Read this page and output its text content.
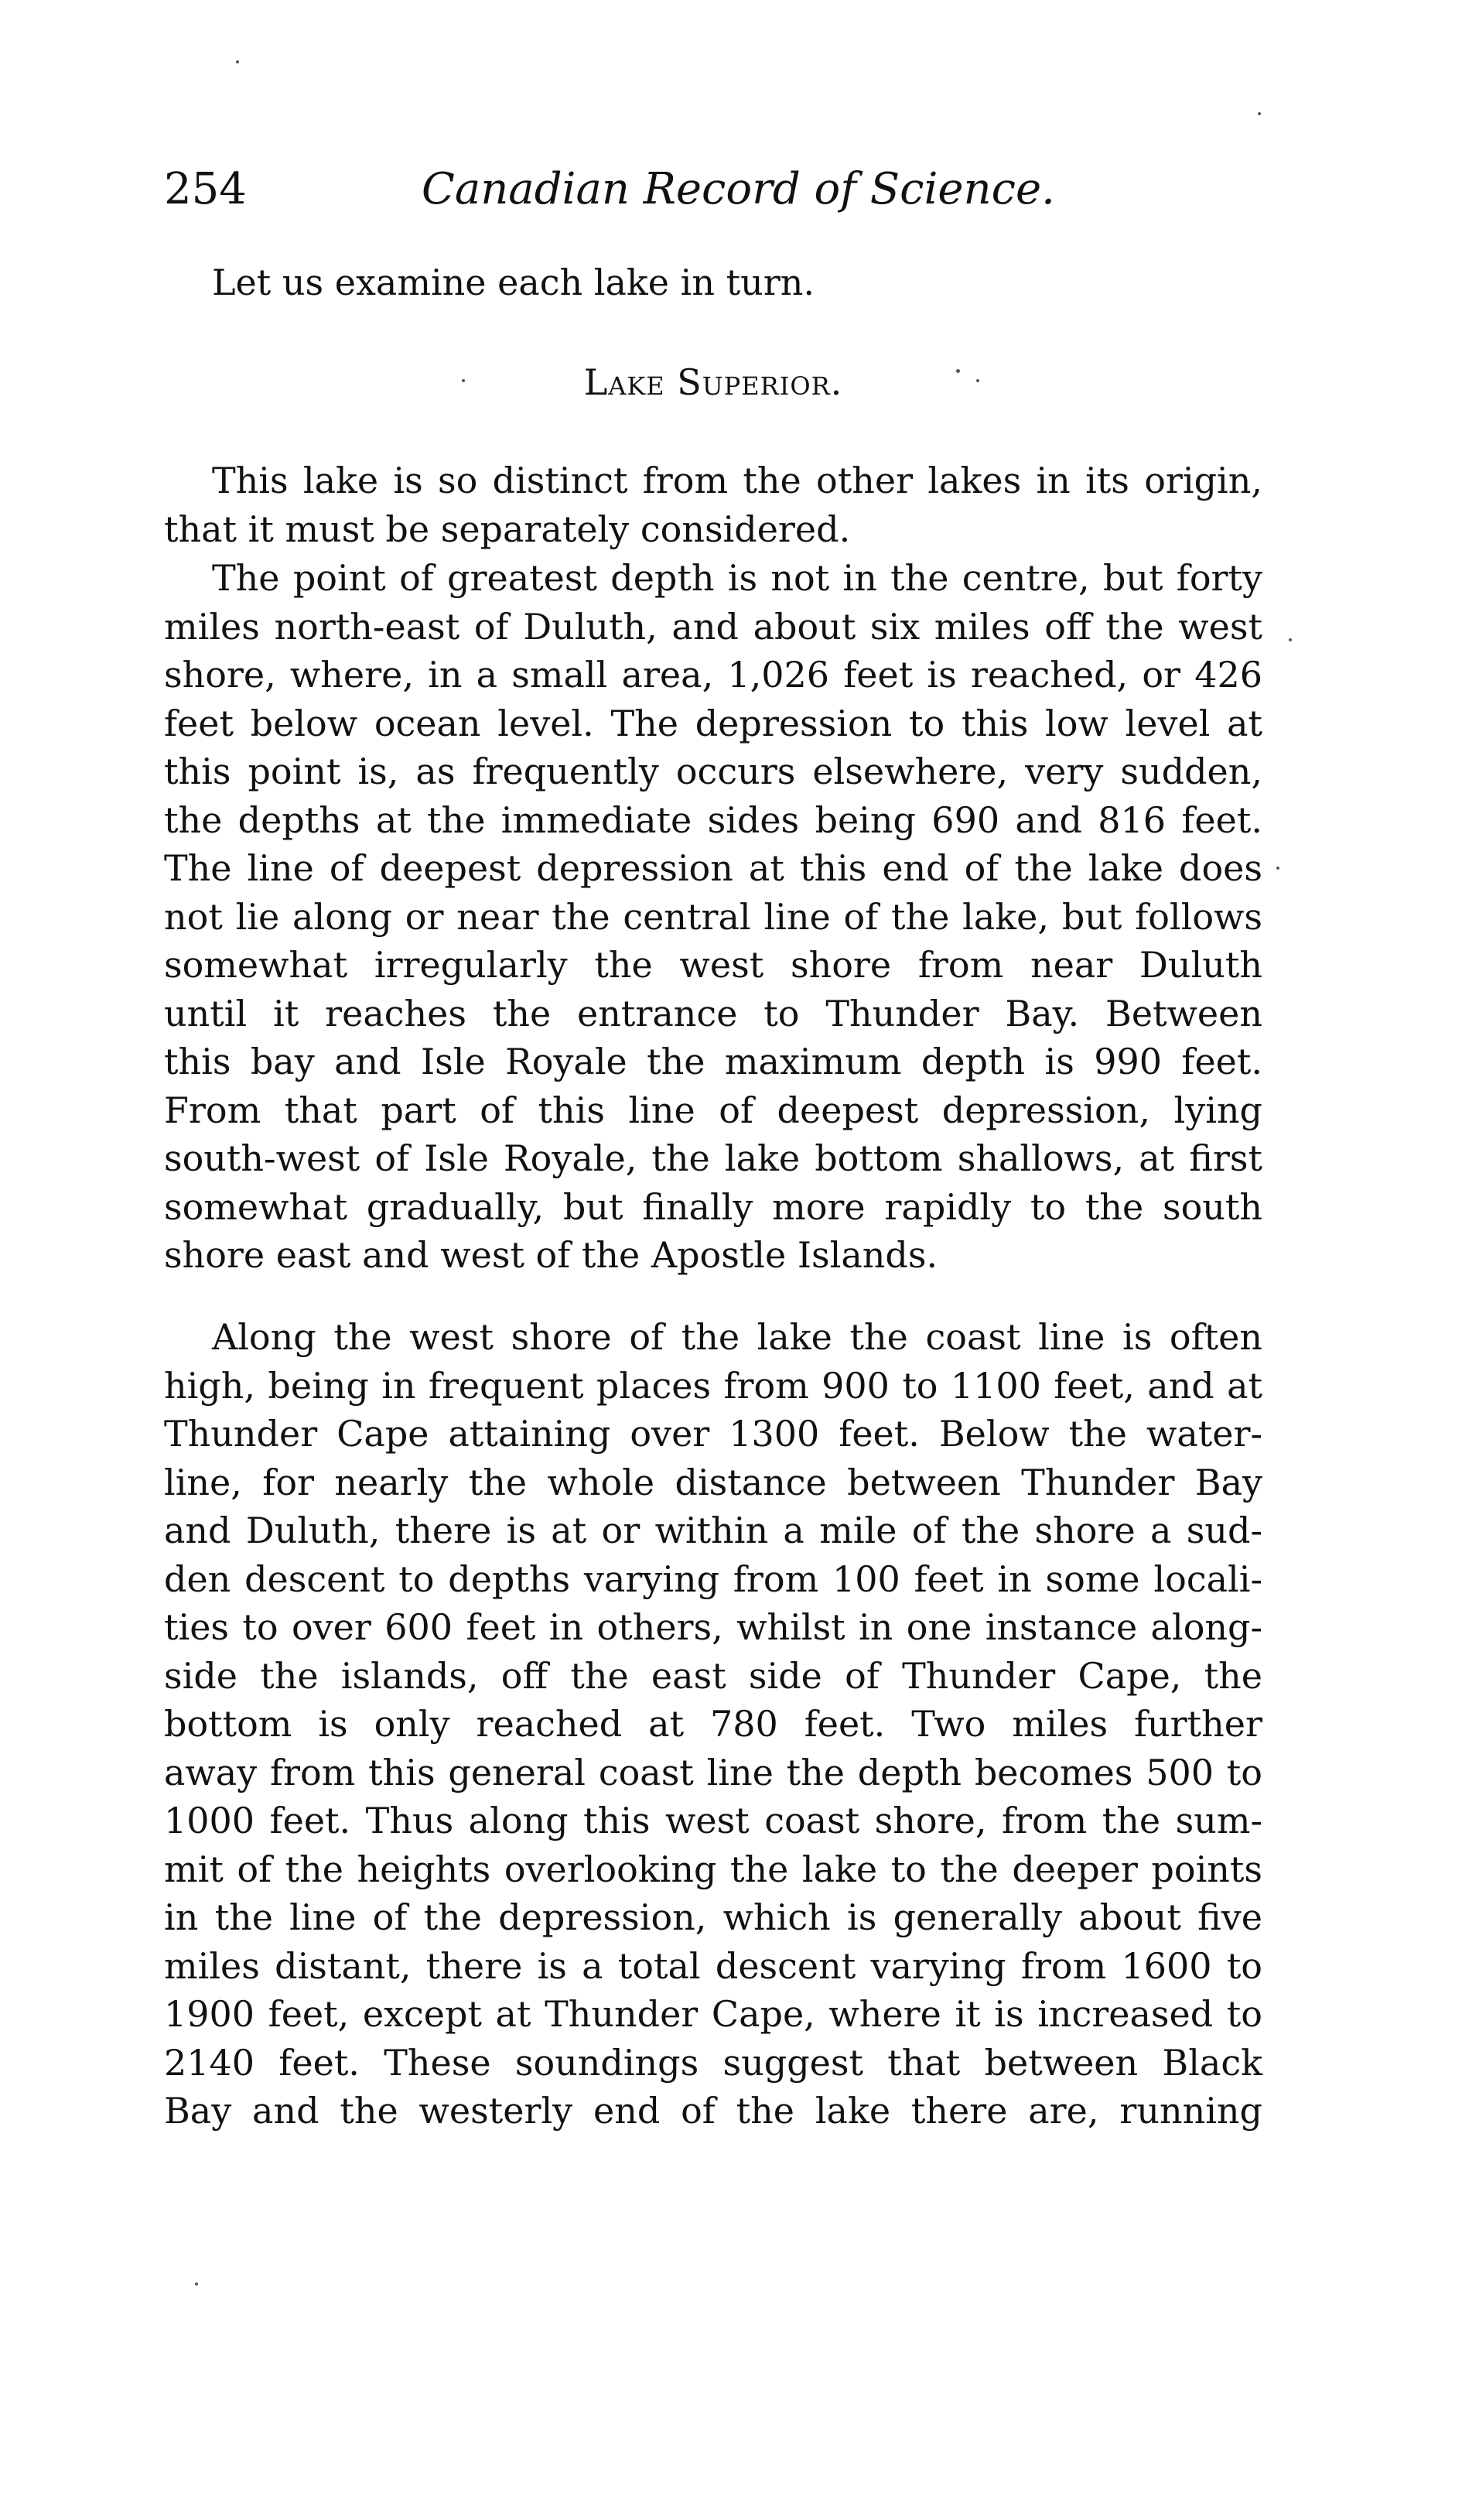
254	Canadian Record of Science.
Let us examine each lake in turn.
Lake Superior.
This lake is so distinct from the other lakes in its origin,
that it must be separately considered.
The point of greatest depth is not in the centre, but forty
miles north-east of Duluth, and about six miles off the west
shore, where, in a small area, 1,026 feet is reached, or 426
feet below ocean level. The depression to this low level at
this point is, as frequently occurs elsewhere, very sudden,
the depths at the immediate sides being 690 and 816 feet.
The line of deepest depression at this end of the lake does
not lie along or near the central line of the lake, but follows
somewhat irregularly the west shore from near Duluth
until it reaches the entrance to Thunder Bay. Between
this bay and Isle Royale the maximum depth is 990 feet.
From that part of this line of deepest depression, lying
south-west of Isle Royale, the lake bottom shallows, at first
somewhat gradually, but finally more rapidly to the south
shore east and west of the Apostle Islands.
Along the west shore of the lake the coast line is often
high, being in frequent places from 900 to 1100 feet, and at
Thunder Cape attaining over 1300 feet. Below the water-
line, for nearly the whole distance between Thunder Bay
and Duluth, there is at or within a mile of the shore a sud-
den descent to depths varying from 100 feet in some locali-
ties to over 600 feet in others, whilst in one instance along-
side the islands, off the east side of Thunder Cape, the
bottom is only reached at 780 feet. Two miles further
away from this general coast line the depth becomes 500 to
1000 feet. Thus along this west coast shore, from the sum-
mit of the heights overlooking the lake to the deeper points
in the line of the depression, which is generally about five
miles distant, there is a total descent varying from 1600 to
1900 feet, except at Thunder Cape, where it is increased to
2140 feet. These soundings suggest that between Black
Bay and the westerly end of the lake there are, running
